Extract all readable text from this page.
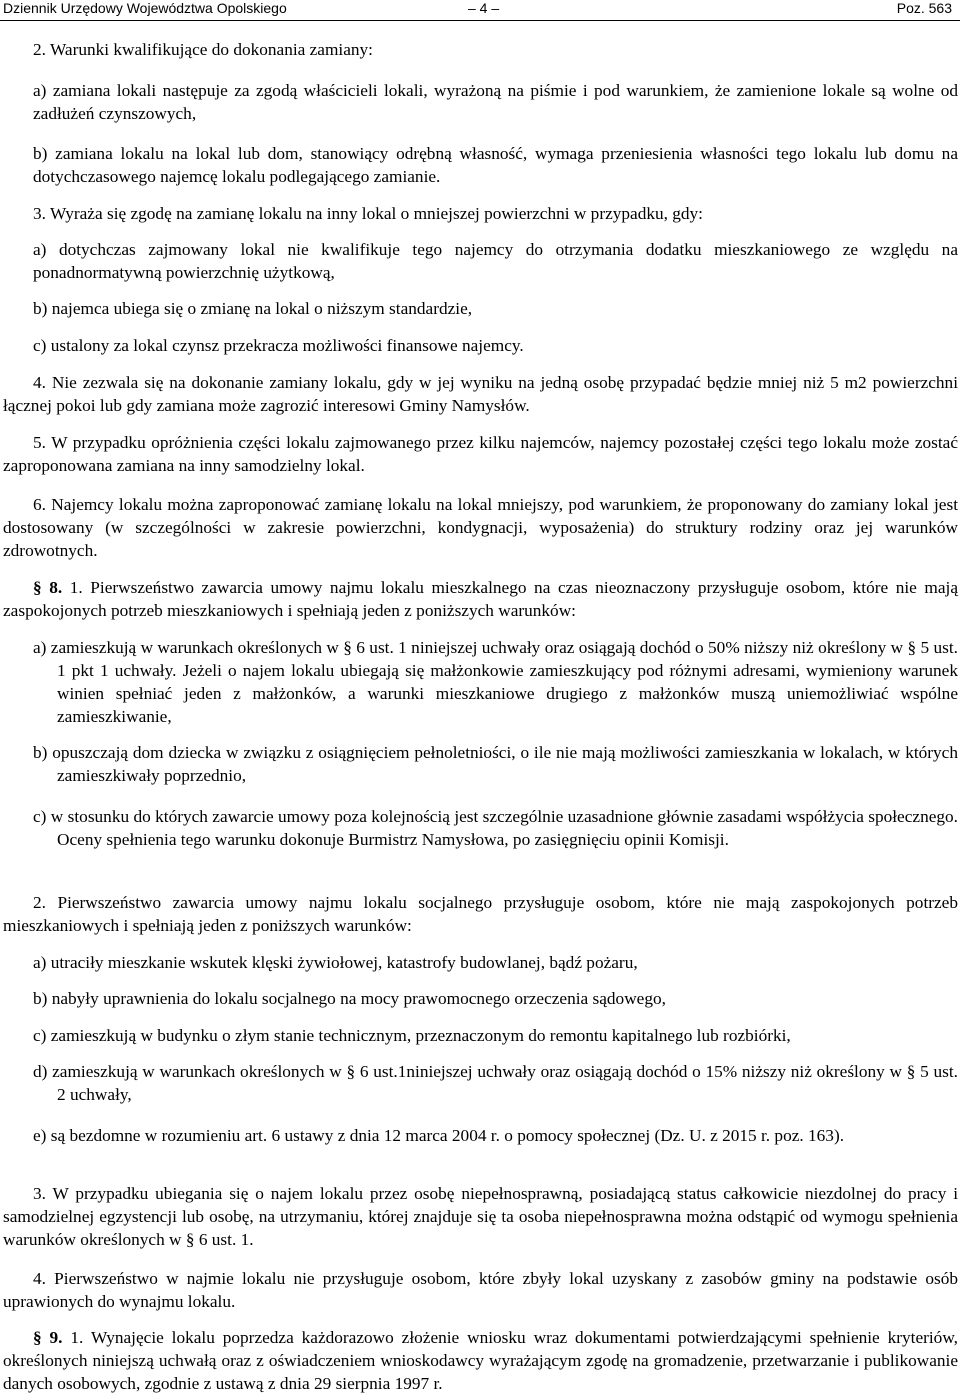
Dziennik Urzędowy Województwa Opolskiego	– 4 –	Poz. 563

2. Warunki kwalifikujące do dokonania zamiany:

a) zamiana lokali następuje za zgodą właścicieli lokali, wyrażoną na piśmie i pod warunkiem, że zamienione lokale są wolne od zadłużeń czynszowych,

b) zamiana lokalu na lokal lub dom, stanowiący odrębną własność, wymaga przeniesienia własności tego lokalu lub domu na dotychczasowego najemcę lokalu podlegającego zamianie.

3. Wyraża się zgodę na zamianę lokalu na inny lokal o mniejszej powierzchni w przypadku, gdy:

a) dotychczas zajmowany lokal nie kwalifikuje tego najemcy do otrzymania dodatku mieszkaniowego ze względu na ponadnormatywną powierzchnię użytkową,

b) najemca ubiega się o zmianę na lokal o niższym standardzie,

c) ustalony za lokal czynsz przekracza możliwości finansowe najemcy.

4. Nie zezwala się na dokonanie zamiany lokalu, gdy w jej wyniku na jedną osobę przypadać będzie mniej niż 5 m2 powierzchni łącznej pokoi lub gdy zamiana może zagrozić interesowi Gminy Namysłów.

5. W przypadku opróżnienia części lokalu zajmowanego przez kilku najemców, najemcy pozostałej części tego lokalu może zostać zaproponowana zamiana na inny samodzielny lokal.

6. Najemcy lokalu można zaproponować zamianę lokalu na lokal mniejszy, pod warunkiem, że proponowany do zamiany lokal jest dostosowany (w szczególności w zakresie powierzchni, kondygnacji, wyposażenia) do struktury rodziny oraz jej warunków zdrowotnych.

§ 8. 1. Pierwszeństwo zawarcia umowy najmu lokalu mieszkalnego na czas nieoznaczony przysługuje osobom, które nie mają zaspokojonych potrzeb mieszkaniowych i spełniają jeden z poniższych warunków:

a) zamieszkują w warunkach określonych w § 6 ust. 1 niniejszej uchwały oraz osiągają dochód o 50% niższy niż określony w § 5 ust. 1 pkt 1 uchwały. Jeżeli o najem lokalu ubiegają się małżonkowie zamieszkujący pod różnymi adresami, wymieniony warunek winien spełniać jeden z małżonków, a warunki mieszkaniowe drugiego z małżonków muszą uniemożliwiać wspólne zamieszkiwanie,

b) opuszczają dom dziecka w związku z osiągnięciem pełnoletniości, o ile nie mają możliwości zamieszkania w lokalach, w których zamieszkiwały poprzednio,

c) w stosunku do których zawarcie umowy poza kolejnością jest szczególnie uzasadnione głównie zasadami współżycia społecznego. Oceny spełnienia tego warunku dokonuje Burmistrz Namysłowa, po zasięgnięciu opinii Komisji.

2. Pierwszeństwo zawarcia umowy najmu lokalu socjalnego przysługuje osobom, które nie mają zaspokojonych potrzeb mieszkaniowych i spełniają jeden z poniższych warunków:

a) utraciły mieszkanie wskutek klęski żywiołowej, katastrofy budowlanej, bądź pożaru,

b) nabyły uprawnienia do lokalu socjalnego na mocy prawomocnego orzeczenia sądowego,

c) zamieszkują w budynku o złym stanie technicznym, przeznaczonym do remontu kapitalnego lub rozbiórki,

d) zamieszkują w warunkach określonych w § 6 ust.1niniejszej uchwały oraz osiągają dochód o 15% niższy niż określony w § 5 ust. 2 uchwały,

e) są bezdomne w rozumieniu art. 6 ustawy z dnia 12 marca 2004 r. o pomocy społecznej (Dz. U. z 2015 r. poz. 163).

3. W przypadku ubiegania się o najem lokalu przez osobę niepełnosprawną, posiadającą status całkowicie niezdolnej do pracy i samodzielnej egzystencji lub osobę, na utrzymaniu, której znajduje się ta osoba niepełnosprawna można odstąpić od wymogu spełnienia warunków określonych w § 6 ust. 1.

4. Pierwszeństwo w najmie lokalu nie przysługuje osobom, które zbyły lokal uzyskany z zasobów gminy na podstawie osób uprawionych do wynajmu lokalu.

§ 9. 1. Wynajęcie lokalu poprzedza każdorazowo złożenie wniosku wraz dokumentami potwierdzającymi spełnienie kryteriów, określonych niniejszą uchwałą oraz z oświadczeniem wnioskodawcy wyrażającym zgodę na gromadzenie, przetwarzanie i publikowanie danych osobowych, zgodnie z ustawą z dnia 29 sierpnia 1997 r.
